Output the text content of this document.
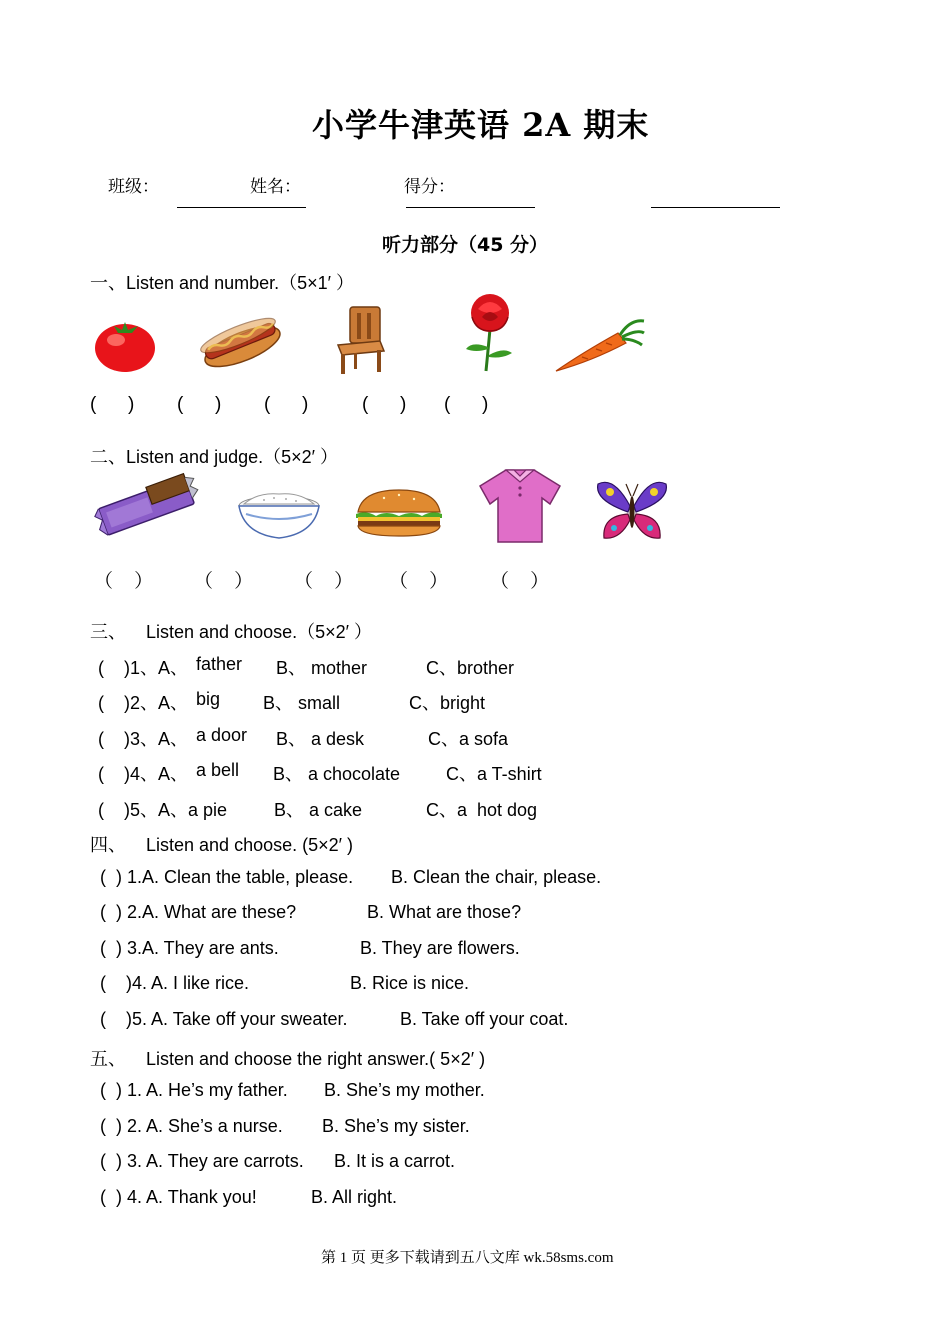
小学牛津英语 2A 期末
班级：	姓名：	得分：
听力部分（45 分）
一、Listen and number.（5×1′ ）
(      ) (      ) (      )	(      ) (      )
二、Listen and judge.（5×2′ ）
（    ） （    ） （    ） （    ） （    ）
三、    Listen and choose.（5×2′ ）
(    )1、A、 father B、 mother	C、brother
(    )2、A、 big B、 small	C、bright
(    )3、A、 a door B、 a desk	C、a sofa
(    )4、A、 a bell B、 a chocolate	C、a T-shirt
(    )5、A、a pie	B、 a cake	C、a  hot dog
四、    Listen and choose. (5×2′ )
(  ) 1.A. Clean the table, please. B. Clean the chair, please.
(  ) 2.A. What are these?	B. What are those?
(  ) 3.A. They are ants.	B. They are flowers.
(    )4. A. I like rice.	B. Rice is nice.
(    )5. A. Take off your sweater.	B. Take off your coat.
五、    Listen and choose the right answer.( 5×2′ )
(  ) 1. A. He’s my father. B. She’s my mother.
(  ) 2. A. She’s a nurse. B. She’s my sister.
(  ) 3. A. They are carrots. B. It is a carrot.
(  ) 4. A. Thank you!	B. All right.
第 1 页 更多下载请到五八文库 wk.58sms.com
